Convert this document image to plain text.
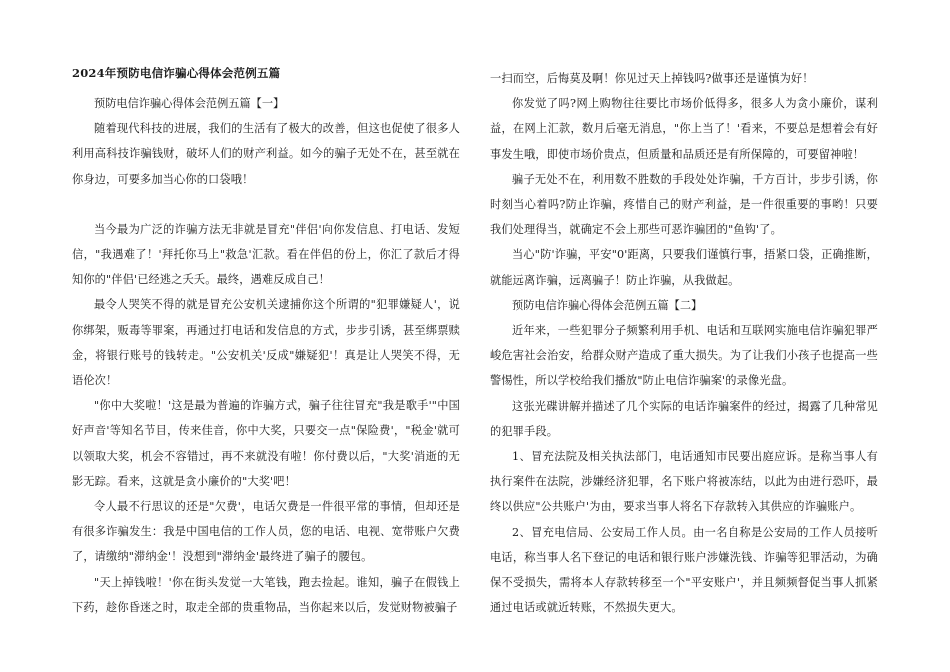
2024年预防电信诈骗心得体会范例五篇

预防电信诈骗心得体会范例五篇【一】

随着现代科技的进展，我们的生活有了极大的改善，但这也促使了很多人利用高科技诈骗钱财，破坏人们的财产利益。如今的骗子无处不在，甚至就在你身边，可要多加当心你的口袋哦！

当今最为广泛的诈骗方法无非就是冒充"伴侣'向你发信息、打电话、发短信，"我遇难了！'拜托你马上"救急'汇款。看在伴侣的份上，你汇了款后才得知你的"伴侣'已经逃之夭夭。最终，遇难反成自己！

最令人哭笑不得的就是冒充公安机关逮捕你这个所谓的"犯罪嫌疑人'，说你绑架，贩毒等罪案，再通过打电话和发信息的方式，步步引诱，甚至绑票赎金，将银行账号的钱转走。"公安机关'反成"嫌疑犯'！真是让人哭笑不得，无语伦次！

"你中大奖啦！'这是最为普遍的诈骗方式，骗子往往冒充"我是歌手'"中国好声音'等知名节目，传来佳音，你中大奖，只要交一点"保险费'，"税金'就可以领取大奖，机会不容错过，再不来就没有啦！你付费以后，"大奖'消逝的无影无踪。看来，这就是贪小廉价的"大奖'吧！

令人最不行思议的还是"欠费'，电话欠费是一件很平常的事情，但却还是有很多诈骗发生：我是中国电信的工作人员，您的电话、电视、宽带账户欠费了，请缴纳"滞纳金'！没想到"滞纳金'最终进了骗子的腰包。

"天上掉钱啦！'你在街头发觉一大笔钱，跑去捡起。谁知，骗子在假钱上下药，趁你昏迷之时，取走全部的贵重物品，当你起来以后，发觉财物被骗子

一扫而空，后悔莫及啊！你见过天上掉钱吗?做事还是谨慎为好！

你发觉了吗?网上购物往往要比市场价低得多，很多人为贪小廉价，谋利益，在网上汇款，数月后毫无消息，"你上当了！'看来，不要总是想着会有好事发生哦，即使市场价贵点，但质量和品质还是有所保障的，可要留神啦！

骗子无处不在，利用数不胜数的手段处处诈骗，千方百计，步步引诱，你时刻当心着吗?防止诈骗，疼惜自己的财产利益，是一件很重要的事哟！只要我们处理得当，就确定不会上那些可恶诈骗团的"鱼钩'了。

当心"防'诈骗，平安"0'距离，只要我们谨慎行事，捂紧口袋，正确推断，就能远离诈骗，远离骗子！防止诈骗，从我做起。

预防电信诈骗心得体会范例五篇【二】

近年来，一些犯罪分子频繁利用手机、电话和互联网实施电信诈骗犯罪严峻危害社会治安，给群众财产造成了重大损失。为了让我们小孩子也提高一些警惕性，所以学校给我们播放"防止电信诈骗案'的录像光盘。

这张光碟讲解并描述了几个实际的电话诈骗案件的经过，揭露了几种常见的犯罪手段。

1、冒充法院及相关执法部门，电话通知市民要出庭应诉。是称当事人有执行案件在法院，涉嫌经济犯罪，名下账户将被冻结，以此为由进行恐吓，最终以供应"公共账户'为由，要求当事人将名下存款转入其供应的诈骗账户。

2、冒充电信局、公安局工作人员。由一名自称是公安局的工作人员接听电话，称当事人名下登记的电话和银行账户涉嫌洗钱、诈骗等犯罪活动，为确保不受损失，需将本人存款转移至一个"平安账户'，并且频频督促当事人抓紧通过电话或就近转账，不然损失更大。
